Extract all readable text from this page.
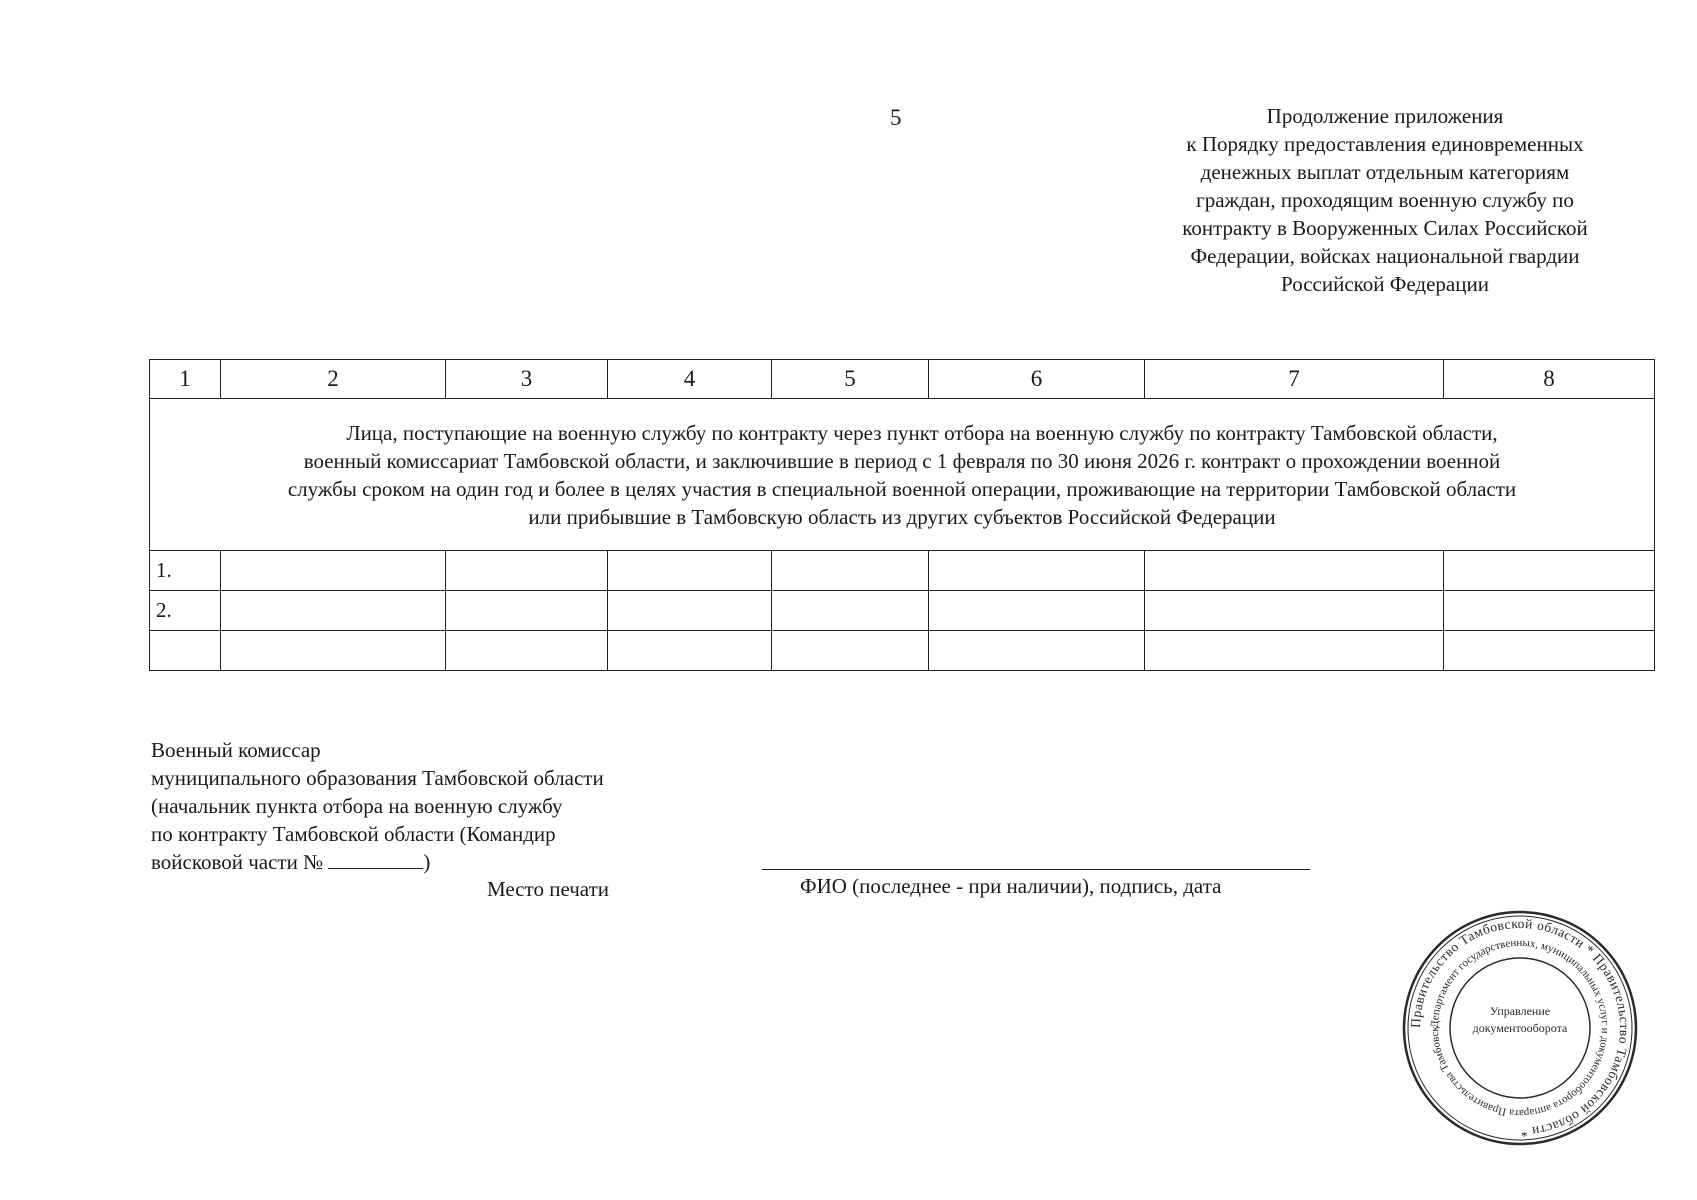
5	Продолжение приложения
к Порядку предоставления единовременных
денежных выплат отдельным категориям
граждан, проходящим военную службу по
контракту в Вооруженных Силах Российской
Федерации, войсках национальной гвардии
Российской Федерации
1	2	3	4	5	6	7	8

Лица, поступающие на военную службу по контракту через пункт отбора на военную службу по контракту Тамбовской области,
военный комиссариат Тамбовской области, и заключившие в период с 1 февраля по 30 июня 2026 г. контракт о прохождении военной
службы сроком на один год и более в целях участия в специальной военной операции, проживающие на территории Тамбовской области
или прибывшие в Тамбовскую область из других субъектов Российской Федерации							

1.							
2.							

Военный комиссар
муниципального образования Тамбовской области
(начальник пункта отбора на военную службу
по контракту Тамбовской области (Командир
войсковой части №	)
Место печати	ФИО (последнее - при наличии), подпись, дата
Правительство Тамбовской области * Правительство Тамбовской области *
Департамент государственных, муниципальных услуг и документооборота аппарата Правительства Тамбовск
Управление
документооборота
